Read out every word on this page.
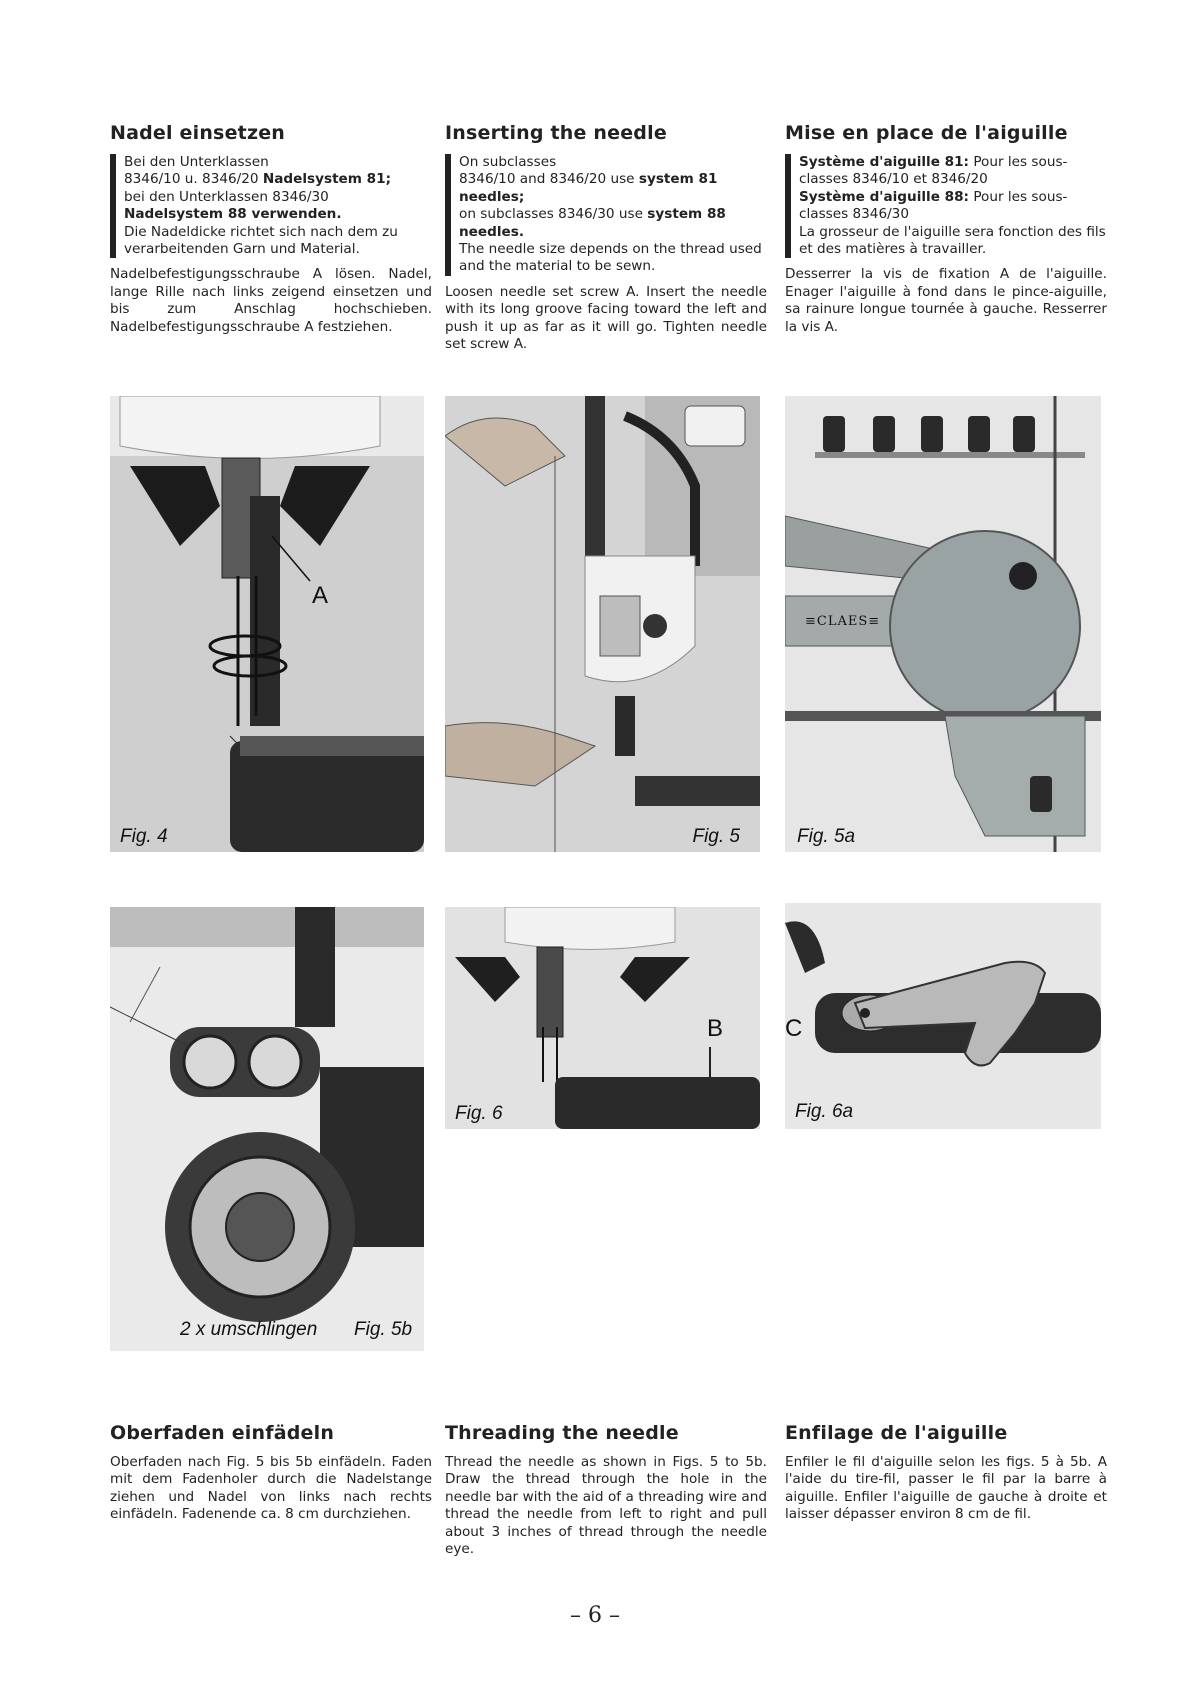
Nadel einsetzen

Bei den Unterklassen

8346/10 u. 8346/20 Nadelsystem 81;

bei den Unterklassen 8346/30 Nadelsystem 88 verwenden.

Die Nadeldicke richtet sich nach dem zu verarbeitenden Garn und Material.

Nadelbefestigungsschraube A lösen. Nadel, lange Rille nach links zeigend einsetzen und bis zum Anschlag hochschieben. Nadelbefestigungsschraube A festziehen.
Inserting the needle

On subclasses

8346/10 and 8346/20 use system 81 needles;

on subclasses 8346/30 use system 88 needles.

The needle size depends on the thread used and the material to be sewn.

Loosen needle set screw A. Insert the needle with its long groove facing toward the left and push it up as far as it will go. Tighten needle set screw A.
Mise en place de l'aiguille

Système d'aiguille 81: Pour les sous-classes 8346/10 et 8346/20

Système d'aiguille 88: Pour les sous-classes 8346/30

La grosseur de l'aiguille sera fonction des fils et des matières à travailler.

Desserrer la vis de fixation A de l'aiguille. Enager l'aiguille à fond dans le pince-aiguille, sa rainure longue tournée à gauche. Resserrer la vis A.
Fig. 4
A
Fig. 5
≡CLAES≡
Fig. 5a
2 x umschlingen Fig. 5b
B
Fig. 6
C
Fig. 6a
Oberfaden einfädeln
Oberfaden nach Fig. 5 bis 5b einfädeln. Faden mit dem Fadenholer durch die Nadelstange ziehen und Nadel von links nach rechts einfädeln. Fadenende ca. 8 cm durchziehen.
Threading the needle
Thread the needle as shown in Figs. 5 to 5b. Draw the thread through the hole in the needle bar with the aid of a threading wire and thread the needle from left to right and pull about 3 inches of thread through the needle eye.
Enfilage de l'aiguille
Enfiler le fil d'aiguille selon les figs. 5 à 5b. A l'aide du tire-fil, passer le fil par la barre à aiguille. Enfiler l'aiguille de gauche à droite et laisser dépasser environ 8 cm de fil.
– 6 –
